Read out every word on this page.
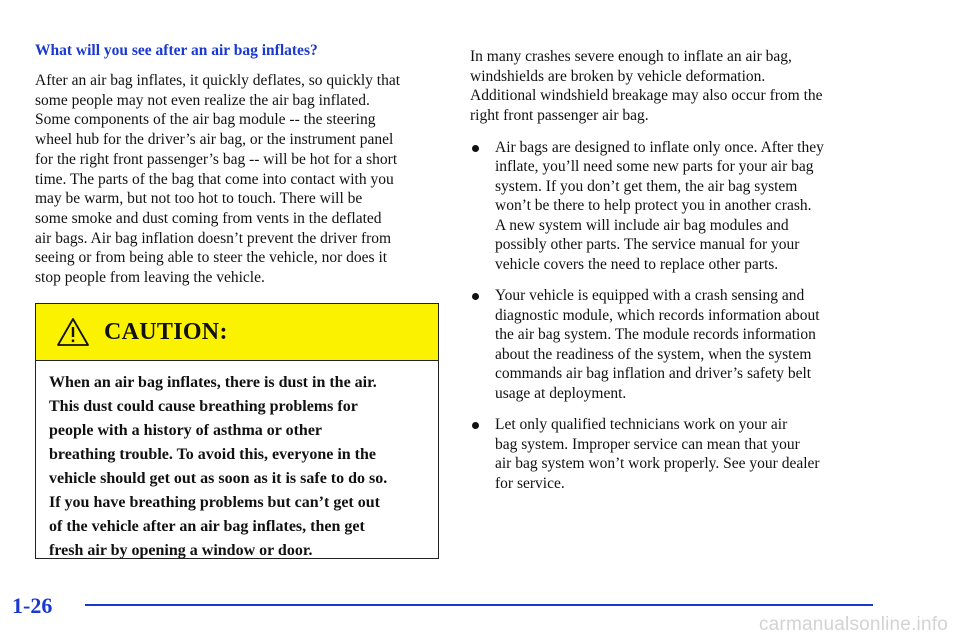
What will you see after an air bag inflates?
After an air bag inflates, it quickly deflates, so quickly that
some people may not even realize the air bag inflated.
Some components of the air bag module -- the steering
wheel hub for the driver’s air bag, or the instrument panel
for the right front passenger’s bag -- will be hot for a short
time. The parts of the bag that come into contact with you
may be warm, but not too hot to touch. There will be
some smoke and dust coming from vents in the deflated
air bags. Air bag inflation doesn’t prevent the driver from
seeing or from being able to steer the vehicle, nor does it
stop people from leaving the vehicle.
CAUTION:
When an air bag inflates, there is dust in the air.
This dust could cause breathing problems for
people with a history of asthma or other
breathing trouble. To avoid this, everyone in the
vehicle should get out as soon as it is safe to do so.
If you have breathing problems but can’t get out
of the vehicle after an air bag inflates, then get
fresh air by opening a window or door.
In many crashes severe enough to inflate an air bag,
windshields are broken by vehicle deformation.
Additional windshield breakage may also occur from the
right front passenger air bag.
Air bags are designed to inflate only once. After they
inflate, you’ll need some new parts for your air bag
system. If you don’t get them, the air bag system
won’t be there to help protect you in another crash.
A new system will include air bag modules and
possibly other parts. The service manual for your
vehicle covers the need to replace other parts.
Your vehicle is equipped with a crash sensing and
diagnostic module, which records information about
the air bag system. The module records information
about the readiness of the system, when the system
commands air bag inflation and driver’s safety belt
usage at deployment.
Let only qualified technicians work on your air
bag system. Improper service can mean that your
air bag system won’t work properly. See your dealer
for service.
1-26
carmanualsonline.info
